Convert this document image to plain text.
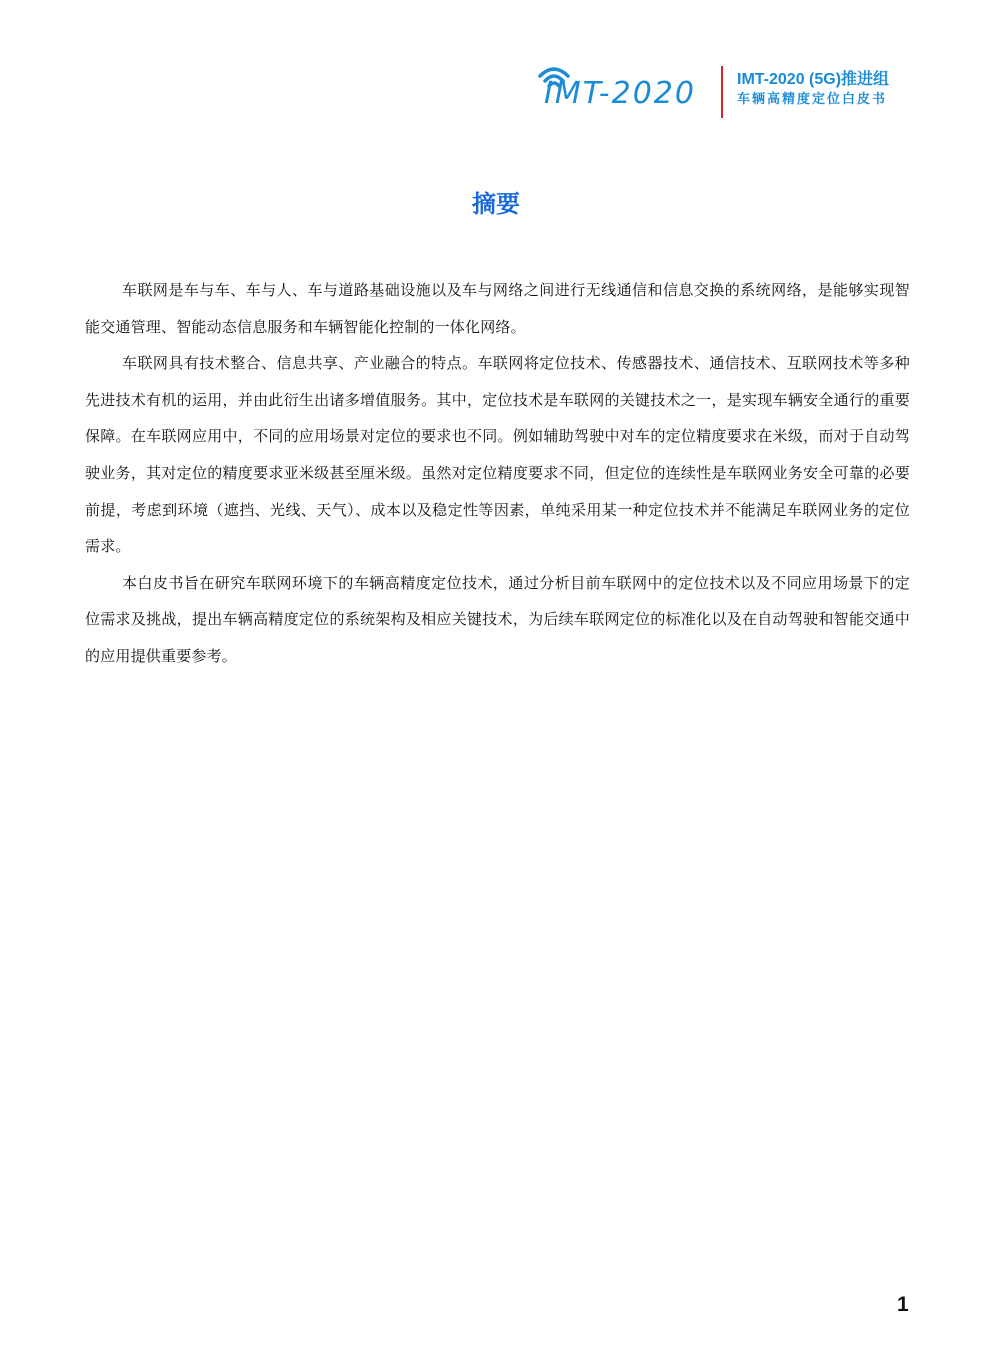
IMT-2020	IMT-2020 (5G)推进组
车辆高精度定位白皮书
摘要

车联网是车与车、车与人、车与道路基础设施以及车与网络之间进行无线通信和信息交换的系统网络，是能够实现智能交通管理、智能动态信息服务和车辆智能化控制的一体化网络。

车联网具有技术整合、信息共享、产业融合的特点。车联网将定位技术、传感器技术、通信技术、互联网技术等多种先进技术有机的运用，并由此衍生出诸多增值服务。其中，定位技术是车联网的关键技术之一，是实现车辆安全通行的重要保障。在车联网应用中，不同的应用场景对定位的要求也不同。例如辅助驾驶中对车的定位精度要求在米级，而对于自动驾驶业务，其对定位的精度要求亚米级甚至厘米级。虽然对定位精度要求不同，但定位的连续性是车联网业务安全可靠的必要前提，考虑到环境（遮挡、光线、天气）、成本以及稳定性等因素，单纯采用某一种定位技术并不能满足车联网业务的定位需求。

本白皮书旨在研究车联网环境下的车辆高精度定位技术，通过分析目前车联网中的定位技术以及不同应用场景下的定位需求及挑战，提出车辆高精度定位的系统架构及相应关键技术，为后续车联网定位的标准化以及在自动驾驶和智能交通中的应用提供重要参考。

1
